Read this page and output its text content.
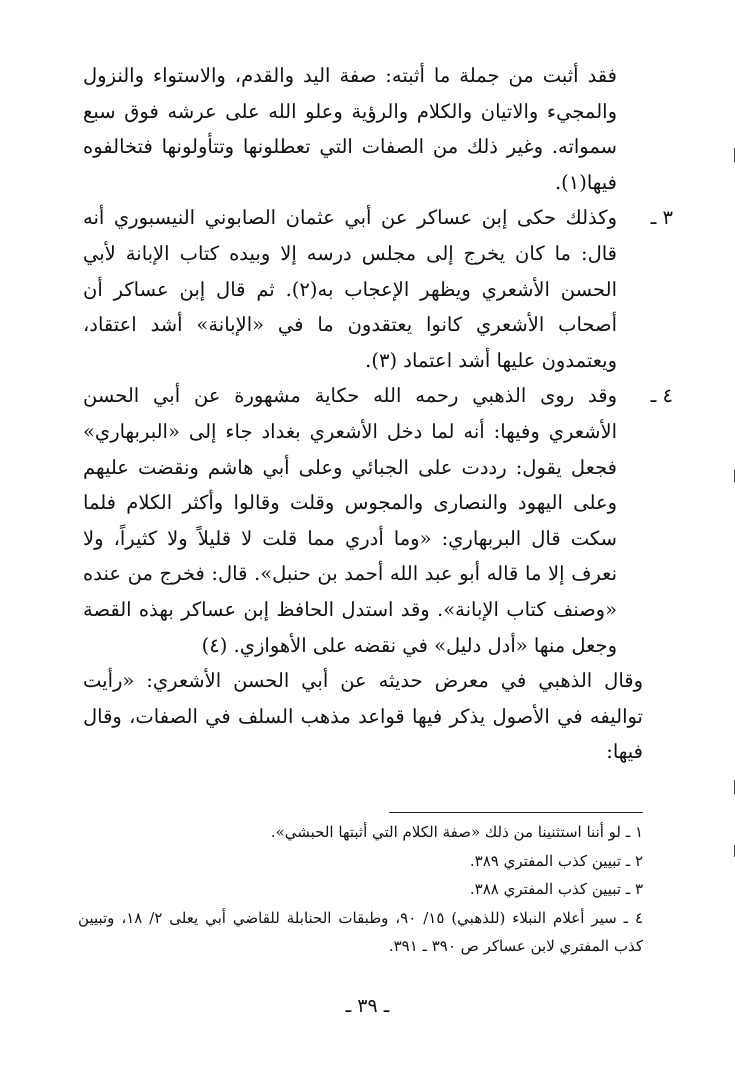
فقد أثبت من جملة ما أثبته: صفة اليد والقدم، والاستواء والنزول والمجيء والاتيان والكلام والرؤية وعلو الله على عرشه فوق سبع سمواته. وغير ذلك من الصفات التي تعطلونها وتتأولونها فتخالفوه فيها(١).

٣ ـ
وكذلك حكى إبن عساكر عن أبي عثمان الصابوني النيسبوري أنه قال: ما كان يخرج إلى مجلس درسه إلا وبيده كتاب الإبانة لأبي الحسن الأشعري ويظهر الإعجاب به(٢). ثم قال إبن عساكر أن أصحاب الأشعري كانوا يعتقدون ما في «الإبانة» أشد اعتقاد، ويعتمدون عليها أشد اعتماد (٣).
٤ ـ
وقد روى الذهبي رحمه الله حكاية مشهورة عن أبي الحسن الأشعري وفيها: أنه لما دخل الأشعري بغداد جاء إلى «البربهاري» فجعل يقول: رددت على الجبائي وعلى أبي هاشم ونقضت عليهم وعلى اليهود والنصارى والمجوس وقلت وقالوا وأكثر الكلام فلما سكت قال البربهاري: «وما أدري مما قلت لا قليلاً ولا كثيراً، ولا نعرف إلا ما قاله أبو عبد الله أحمد بن حنبل». قال: فخرج من عنده «وصنف كتاب الإبانة». وقد استدل الحافظ إبن عساكر بهذه القصة وجعل منها «أدل دليل» في نقضه على الأهوازي. (٤)

وقال الذهبي في معرض حديثه عن أبي الحسن الأشعري: «رأيت تواليفه في الأصول يذكر فيها قواعد مذهب السلف في الصفات، وقال فيها:

١ ـ لو أننا استثنينا من ذلك «صفة الكلام التي أثبتها الحبشي».

٢ ـ تبيين كذب المفتري ٣٨٩.

٣ ـ تبيين كذب المفتري ٣٨٨.

٤ ـ سير أعلام النبلاء (للذهبي) ١٥/ ٩٠، وطبقات الحنابلة للقاضي أبي يعلى ٢/ ١٨، وتبيين كذب المفتري لابن عساكر ص ٣٩٠ ـ ٣٩١.

ـ ٣٩ ـ
